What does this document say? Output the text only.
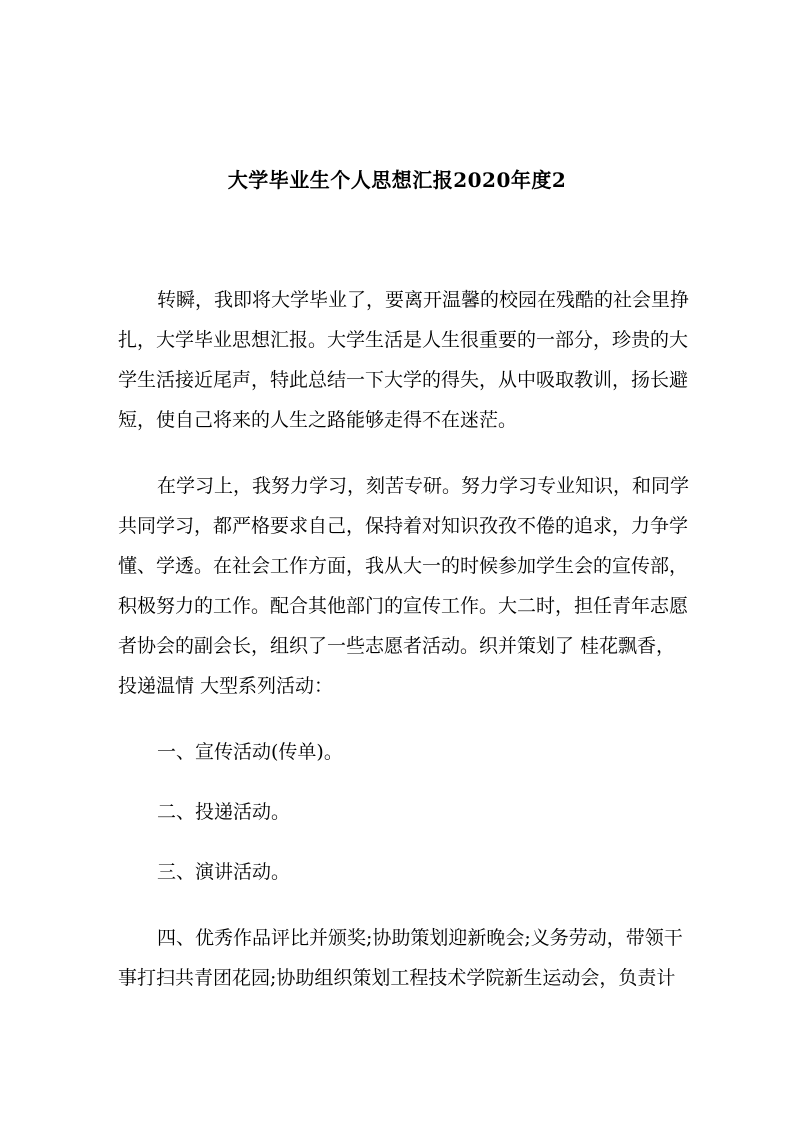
大学毕业生个人思想汇报2020年度2
转瞬，我即将大学毕业了，要离开温馨的校园在残酷的社会里挣
扎，大学毕业思想汇报。大学生活是人生很重要的一部分，珍贵的大
学生活接近尾声，特此总结一下大学的得失，从中吸取教训，扬长避
短，使自己将来的人生之路能够走得不在迷茫。
在学习上，我努力学习，刻苦专研。努力学习专业知识，和同学
共同学习，都严格要求自己，保持着对知识孜孜不倦的追求，力争学
懂、学透。在社会工作方面，我从大一的时候参加学生会的宣传部，
积极努力的工作。配合其他部门的宣传工作。大二时，担任青年志愿
者协会的副会长，组织了一些志愿者活动。织并策划了 桂花飘香，
投递温情 大型系列活动：
一、宣传活动(传单)。
二、投递活动。
三、演讲活动。
四、优秀作品评比并颁奖;协助策划迎新晚会;义务劳动，带领干
事打扫共青团花园;协助组织策划工程技术学院新生运动会，负责计
